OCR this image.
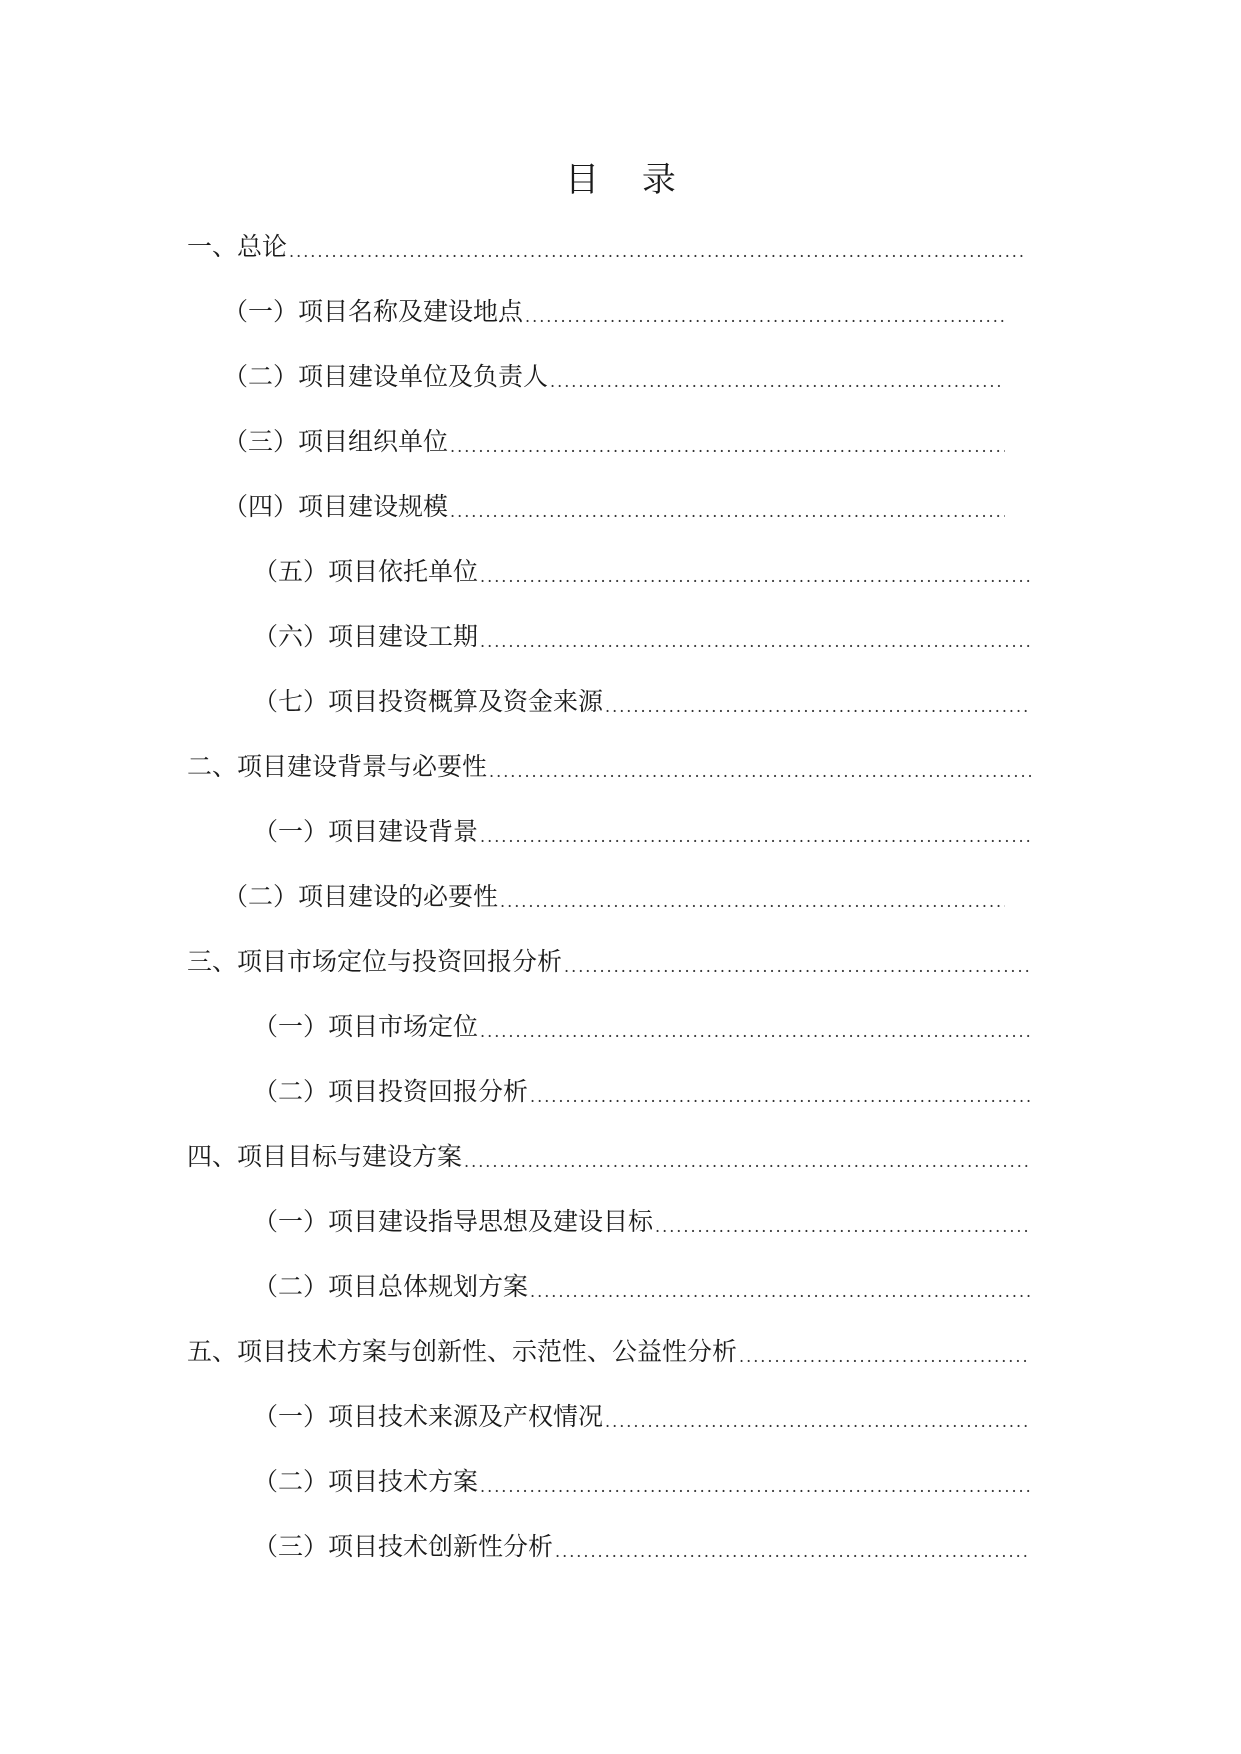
目 录
一、总论
.....
（一）项目名称及建设地点
.....
（二）项目建设单位及负责人
.....
（三）项目组织单位
.....
（四）项目建设规模
.....
（五）项目依托单位
.....
（六）项目建设工期
.....
（七）项目投资概算及资金来源
.....
二、项目建设背景与必要性
.....
（一）项目建设背景
.....
（二）项目建设的必要性
.....
三、项目市场定位与投资回报分析
.....
（一）项目市场定位
.....
（二）项目投资回报分析
.....
四、项目目标与建设方案
.....
（一）项目建设指导思想及建设目标
.....
（二）项目总体规划方案
.....
五、项目技术方案与创新性、示范性、公益性分析
.....
（一）项目技术来源及产权情况
.....
（二）项目技术方案
.....
（三）项目技术创新性分析
.....
